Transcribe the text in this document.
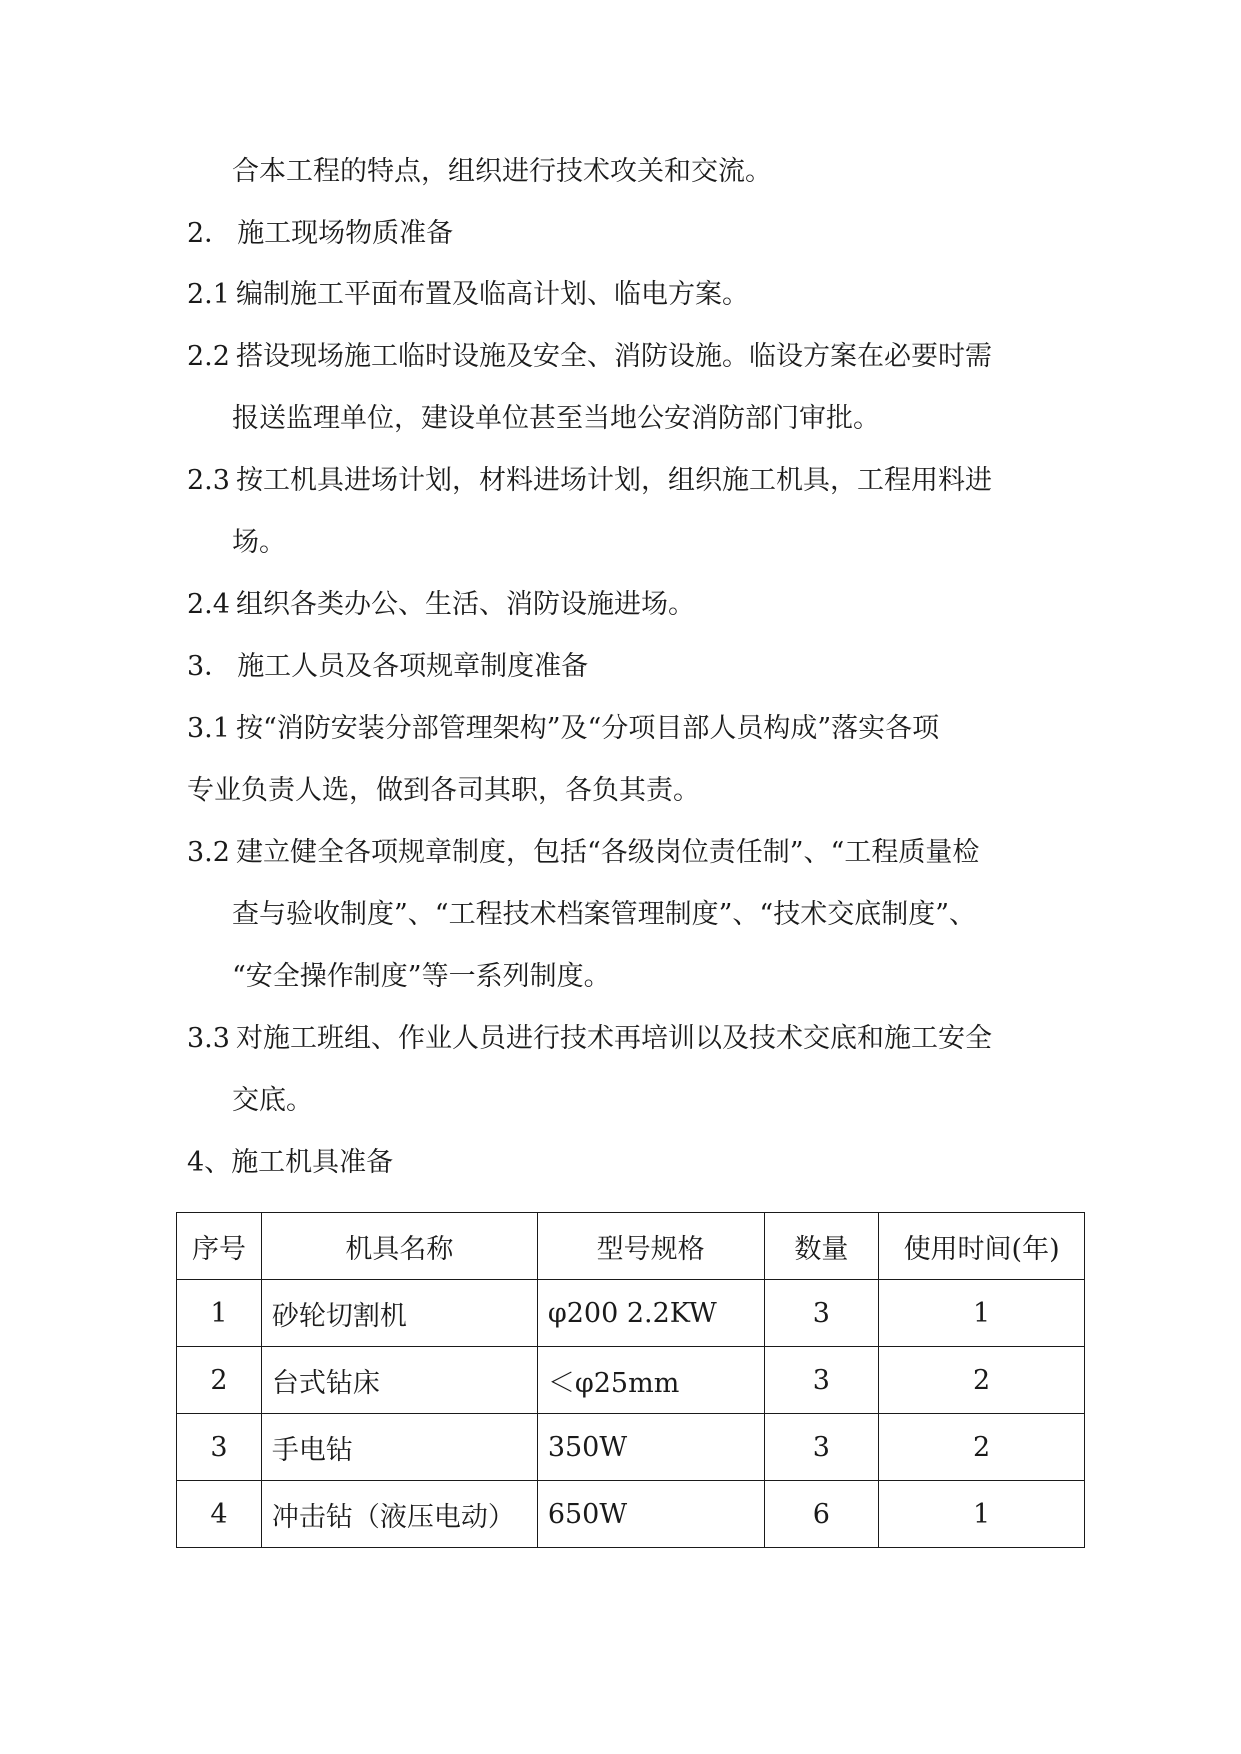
合本工程的特点，组织进行技术攻关和交流。
2． 施工现场物质准备
2.1 编制施工平面布置及临高计划、临电方案。
2.2 搭设现场施工临时设施及安全、消防设施。临设方案在必要时需
报送监理单位，建设单位甚至当地公安消防部门审批。
2.3 按工机具进场计划，材料进场计划，组织施工机具，工程用料进
场。
2.4 组织各类办公、生活、消防设施进场。
3． 施工人员及各项规章制度准备
3.1 按“消防安装分部管理架构”及“分项目部人员构成”落实各项
专业负责人选，做到各司其职，各负其责。
3.2 建立健全各项规章制度，包括“各级岗位责任制”、“工程质量检
查与验收制度”、“工程技术档案管理制度”、“技术交底制度”、
“安全操作制度”等一系列制度。
3.3 对施工班组、作业人员进行技术再培训以及技术交底和施工安全
交底。
4、施工机具准备
序号	机具名称	型号规格	数量	使用时间(年)
1	砂轮切割机	φ200 2.2KW	3	1
2	台式钻床	＜φ25mm	3	2
3	手电钻	350W	3	2
4	冲击钻（液压电动）	650W	6	1
